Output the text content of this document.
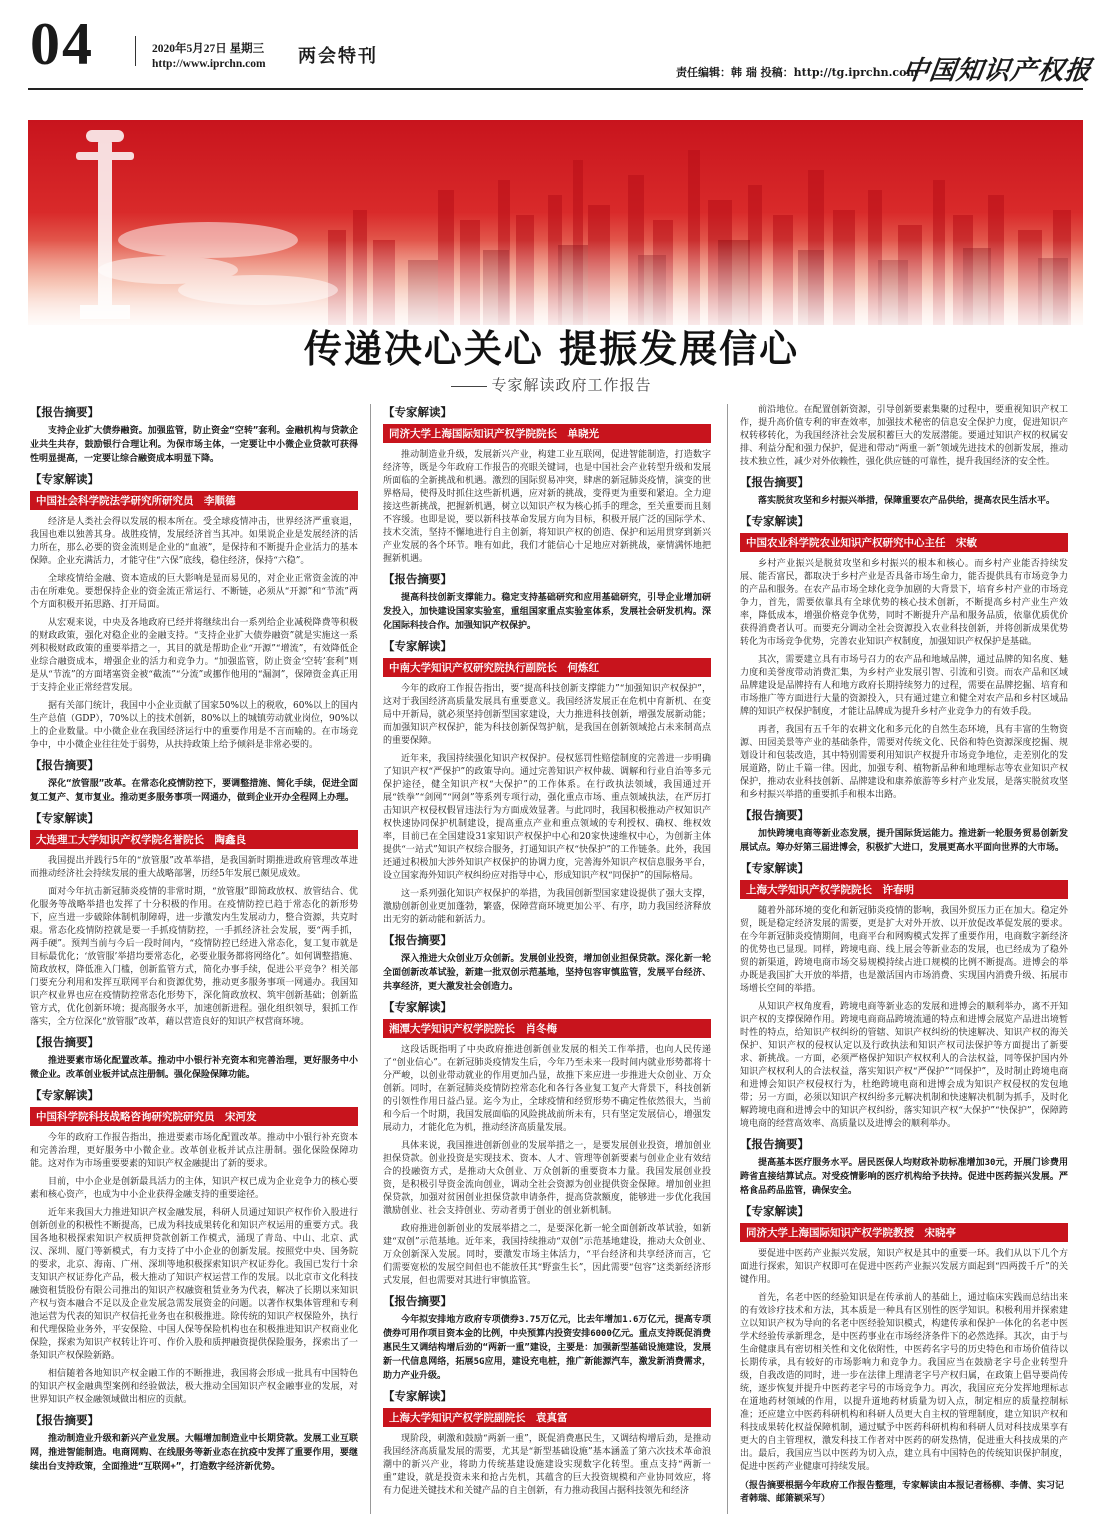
04	2020年5月27日 星期三
http://www.iprchn.com 两会特刊
责任编辑：韩 瑞 投稿：http://tg.iprchn.com
中国知识产权报
传递决心关心 提振发展信心
专家解读政府工作报告
【报告摘要】

支持企业扩大债券融资。加强监管，防止资金“空转”套利。金融机构与贷款企业共生共存，鼓励银行合理让利。为保市场主体，一定要让中小微企业贷款可获得性明显提高，一定要让综合融资成本明显下降。

【专家解读】
中国社会科学院法学研究所研究员　李顺德

经济是人类社会得以发展的根本所在。受全球疫情冲击，世界经济严重衰退，我国也难以独善其身。战胜疫情，发展经济首当其冲。如果说企业是发展经济的活力所在，那么必要的资金流则是企业的“血液”，是保持和不断提升企业活力的基本保障。企业充满活力，才能守住“六保”底线，稳住经济，保持“六稳”。

全球疫情给金融、资本造成的巨大影响是显而易见的，对企业正常资金流的冲击在所难免。要想保持企业的资金流正常运行、不断链，必须从“开源”和“节流”两个方面积极开拓思路、打开局面。

从宏观来说，中央及各地政府已经并将继续出台一系列给企业减税降费等积极的财政政策，强化对稳企业的金融支持。“支持企业扩大债券融资”就是实施这一系列积极财政政策的重要举措之一，其目的就是帮助企业“开源”“增流”，有效降低企业综合融资成本，增强企业的活力和竞争力。“加强监管，防止资金‘空转’套利”则是从“节流”的方面堵塞资金被“截流”“分流”或挪作他用的“漏洞”，保障资金真正用于支持企业正常经营发展。

据有关部门统计，我国中小企业贡献了国家50%以上的税收，60%以上的国内生产总值（GDP），70%以上的技术创新，80%以上的城镇劳动就业岗位，90%以上的企业数量。中小微企业在我国经济运行中的重要作用是不言而喻的。在市场竞争中，中小微企业往往处于弱势，从扶持政策上给予倾斜是非常必要的。

【报告摘要】

深化“放管服”改革。在常态化疫情防控下，要调整措施、简化手续，促进全面复工复产、复市复业。推动更多服务事项一网通办，做到企业开办全程网上办理。

【专家解读】
大连理工大学知识产权学院名誉院长　陶鑫良

我国提出并践行5年的“放管服”改革举措，是我国新时期推进政府管理改革进而推动经济社会持续发展的重大战略部署，历经5年发展已颇见成效。

面对今年抗击新冠肺炎疫情的非常时期，“放管服”即简政放权、放管结合、优化服务等战略举措也发挥了十分积极的作用。在疫情防控已趋于常态化的新形势下，应当进一步破除体制机制障碍，进一步激发内生发展动力，整合资源，共克时艰。常态化疫情防控就是要一手抓疫情防控，一手抓经济社会发展，要“两手抓，两手硬”。预判当前与今后一段时间内，“疫情防控已经进入常态化，复工复市就是目标最优化；‘放管服’举措均要常态化，必要业服务都将网络化”。如何调整措施、简政放权，降低准入门槛，创新监管方式，简化办事手续，促进公平竞争？相关部门要充分利用和发挥互联网平台和资源优势，推动更多服务事项一网通办。我国知识产权业界也应在疫情防控常态化形势下，深化简政放权、筑牢创新基础；创新监管方式，优化创新环境；提高服务水平，加速创新进程。强化组织领导，狠抓工作落实，全方位深化“放管服”改革，藉以营造良好的知识产权营商环境。

【报告摘要】

推进要素市场化配置改革。推动中小银行补充资本和完善治理，更好服务中小微企业。改革创业板并试点注册制。强化保险保障功能。

【专家解读】
中国科学院科技战略咨询研究院研究员　宋河发

今年的政府工作报告指出，推进要素市场化配置改革。推动中小银行补充资本和完善治理，更好服务中小微企业。改革创业板并试点注册制。强化保险保障功能。这对作为市场重要要素的知识产权金融提出了新的要求。

目前，中小企业是创新最具活力的主体，知识产权已成为企业竞争力的核心要素和核心资产，也成为中小企业获得金融支持的重要途径。

近年来我国大力推进知识产权金融发展，科研人员通过知识产权作价入股进行创新创业的积极性不断提高，已成为科技成果转化和知识产权运用的重要方式。我国各地积极探索知识产权质押贷款创新工作模式，涌现了青岛、中山、北京、武汉、深圳、厦门等新模式，有力支持了中小企业的创新发展。按照党中央、国务院的要求，北京、海南、广州、深圳等地积极探索知识产权证券化。我国已发行十余支知识产权证券化产品，极大推动了知识产权运营工作的发展。以北京市文化科技融资租赁股份有限公司推出的知识产权融资租赁业务为代表，解决了长期以来知识产权与资本融合不足以及企业发展急需发展资金的问题。以著作权集体管理和专利池运营为代表的知识产权信托业务也在积极推进。除传统的知识产权保险外，执行和代理保险业务外，平安保险、中国人保等保险机构也在积极推进知识产权商业化保险，探索为知识产权转让许可、作价入股和质押融资提供保险服务，探索出了一条知识产权保险新路。

相信随着各地知识产权金融工作的不断推进，我国将会形成一批具有中国特色的知识产权金融典型案例和经验做法，极大推动全国知识产权金融事业的发展，对世界知识产权金融领域做出相应的贡献。

【报告摘要】

推动制造业升级和新兴产业发展。大幅增加制造业中长期贷款。发展工业互联网，推进智能制造。电商网购、在线服务等新业态在抗疫中发挥了重要作用，要继续出台支持政策，全面推进“互联网+”，打造数字经济新优势。

【专家解读】
同济大学上海国际知识产权学院院长　单晓光

推动制造业升级，发展新兴产业，构建工业互联网，促进智能制造，打造数字经济等，既是今年政府工作报告的亮眼关键词，也是中国社会产业转型升级和发展所面临的全新挑战和机遇。激烈的国际贸易冲突，肆虐的新冠肺炎疫情，演变的世界格局，使得及时抓住这些新机遇，应对新的挑战，变得更为重要和紧迫。全力迎接这些新挑战，把握新机遇，树立以知识产权为核心抓手的理念，至关重要而且刻不容缓。也即是说，要以新科技革命发展方向为目标，积极开展广泛的国际学术、技术交流，坚持不懈地进行自主创新，将知识产权的创造、保护和运用贯穿到新兴产业发展的各个环节。唯有如此，我们才能信心十足地应对新挑战，豪情满怀地把握新机遇。

【报告摘要】

提高科技创新支撑能力。稳定支持基础研究和应用基础研究，引导企业增加研发投入，加快建设国家实验室，重组国家重点实验室体系，发展社会研发机构。深化国际科技合作。加强知识产权保护。

【专家解读】
中南大学知识产权研究院执行副院长　何炼红

今年的政府工作报告指出，要“提高科技创新支撑能力”“加强知识产权保护”，这对于我国经济高质量发展具有重要意义。我国经济发展正在危机中育新机、在变局中开新局，就必须坚持创新型国家建设，大力推进科技创新，增强发展新动能；而加强知识产权保护，能为科技创新保驾护航，是我国在创新领域抢占未来制高点的重要保障。

近年来，我国持续强化知识产权保护。侵权惩罚性赔偿制度的完善进一步明确了知识产权“严保护”的政策导向。通过完善知识产权仲裁、调解和行业自治等多元保护途径，健全知识产权“大保护”的工作体系。在行政执法领域，我国通过开展“铁拳”“剑网”“网剑”等系列专项行动，强化重点市场、重点领域执法，在严厉打击知识产权侵权假冒违法行为方面成效显著。与此同时，我国积极推动产权知识产权快速协同保护机制建设，提高重点产业和重点领域的专利授权、确权、维权效率，目前已在全国建设31家知识产权保护中心和20家快速维权中心，为创新主体提供“一站式”知识产权综合服务，打通知识产权“快保护”的工作链条。此外，我国还通过积极加大涉外知识产权保护的协调力度，完善海外知识产权信息服务平台，设立国家海外知识产权纠纷应对指导中心，形成知识产权“同保护”的国际格局。

这一系列强化知识产权保护的举措，为我国创新型国家建设提供了强大支撑，激励创新创业更加蓬勃，繁盛，保障营商环境更加公平、有序，助力我国经济释放出无穷的新动能和新活力。

【报告摘要】

深入推进大众创业万众创新。发展创业投资，增加创业担保贷款。深化新一轮全面创新改革试验，新建一批双创示范基地，坚持包容审慎监管，发展平台经济、共享经济，更大激发社会创造力。

【专家解读】
湘潭大学知识产权学院院长　肖冬梅

这段话既指明了中央政府推进创新创业发展的相关工作举措，也向人民传递了“创业信心”。在新冠肺炎疫情发生后，今年乃至未来一段时间内就业形势都将十分严峻，以创业带动就业的作用更加凸显，故推下来应进一步推进大众创业、万众创新。同时，在新冠肺炎疫情防控常态化和各行各业复工复产大背景下，科技创新的引领性作用日益凸显。迄今为止，全球疫情和经贸形势不确定性依然很大，当前和今后一个时期，我国发展面临的风险挑战前所未有，只有坚定发展信心，增强发展动力，才能化危为机，推动经济高质量发展。

具体来说，我国推进创新创业的发展举措之一，是要发展创业投资，增加创业担保贷款。创业投资是实现技术、资本、人才、管理等创新要素与创业企业有效结合的投融资方式，是推动大众创业、万众创新的重要资本力量。我国发展创业投资，是积极引导资金流向创业，调动全社会资源为创业提供资金保障。增加创业担保贷款，加强对贫困创业担保贷款申请条件，提高贷款额度，能够进一步优化我国激励创业、社会支持创业、劳动者勇于创业的创业新机制。

政府推进创新创业的发展举措之二，是要深化新一轮全面创新改革试验，如新建“双创”示范基地。近年来，我国持续推动“双创”示范基地建设，推动大众创业、万众创新深入发展。同时，要激发市场主体活力，“平台经济和共享经济而言，它们需要宽松的发展空间但也不能放任其“野蛮生长”，因此需要“包容”这类新经济形式发展，但也需要对其进行审慎监管。

【报告摘要】

今年拟安排地方政府专项债券3.75万亿元，比去年增加1.6万亿元，提高专项债券可用作项目资本金的比例，中央预算内投资安排6000亿元。重点支持既促消费惠民生又调结构增后劲的“两新一重”建设，主要是：加强新型基础设施建设，发展新一代信息网络，拓展5G应用，建设充电桩，推广新能源汽车，激发新消费需求，助力产业升级。

【专家解读】
上海大学知识产权学院副院长　袁真富

现阶段，刺激和鼓励“两新一重”，既促消费惠民生，又调结构增后劲，是推动我国经济高质量发展的需要，尤其是“新型基础设施”基本涵盖了第六次技术革命浪潮中的新兴产业，将助力传统基建设施建设实现数字化转型。重点支持“两新一重”建设，就是投资未来和抢占先机，其蕴含的巨大投资规模和产业协同效应，将有力促进关键技术和关键产品的自主创新，有力推动我国占据科技领先和经济

前沿地位。在配置创新资源，引导创新要素集聚的过程中，要重视知识产权工作，提升高价值专利的审查效率，加强技术秘密的信息安全保护力度，促进知识产权转移转化，为我国经济社会发展积蓄巨大的发展潜能。要通过知识产权的权属安排、利益分配和强力保护，促进和带动“两重一新”领域先进技术的创新发展，推动技术独立性，减少对外依赖性，强化供应链的可靠性，提升我国经济的安全性。

【报告摘要】

落实脱贫攻坚和乡村振兴举措，保障重要农产品供给，提高农民生活水平。

【专家解读】
中国农业科学院农业知识产权研究中心主任　宋敏

乡村产业振兴是脱贫攻坚和乡村振兴的根本和核心。而乡村产业能否持续发展、能否富民，都取决于乡村产业是否具备市场生命力，能否提供具有市场竞争力的产品和服务。在农产品市场全球化竞争加剧的大背景下，培育乡村产业的市场竞争力，首先，需要依靠具有全球优势的核心技术创新，不断提高乡村产业生产效率，降低成本，增强价格竞争优势，同时不断提升产品和服务品质，依靠优质优价获得消费者认可。而要充分调动全社会资源投入农业科技创新，并将创新成果优势转化为市场竞争优势，完善农业知识产权制度，加强知识产权保护是基础。

其次，需要建立具有市场号召力的农产品和地域品牌，通过品牌的知名度、魅力度和美誉度带动消费汇集，为乡村产业发展引智、引流和引资。而农产品和区域品牌建设是品牌持有人和地方政府长期持续努力的过程，需要在品牌挖掘、培育和市场推广等方面进行大量的资源投入，只有通过建立和健全对农产品和乡村区域品牌的知识产权保护制度，才能让品牌成为提升乡村产业竞争力的有效手段。

再者，我国有五千年的农耕文化和多元化的自然生态环境，具有丰富的生物资源、田园美景等产业的基础条件，需要对传统文化、民俗和特色资源深度挖掘、规划设计和包装改造，其中特别需要利用知识产权提升市场竞争地位，走差别化的发展道路，防止千篇一律。因此，加强专利、植物新品种和地理标志等农业知识产权保护，推动农业科技创新、品牌建设和康养旅游等乡村产业发展，是落实脱贫攻坚和乡村振兴举措的重要抓手和根本出路。

【报告摘要】

加快跨境电商等新业态发展，提升国际货运能力。推进新一轮服务贸易创新发展试点。筹办好第三届进博会，积极扩大进口，发展更高水平面向世界的大市场。

【专家解读】
上海大学知识产权学院院长　许春明

随着外部环境的变化和新冠肺炎疫情的影响，我国外贸压力正在加大。稳定外贸，既是稳定经济发展的需要，更是扩大对外开放、以开放促改革促发展的要求。在今年新冠肺炎疫情期间，电商平台和网购模式发挥了重要作用，电商数字新经济的优势也已显现。同样，跨境电商、线上展会等新业态的发展，也已经成为了稳外贸的新渠道，跨境电商市场交易规模持续占进口规模的比例不断提高。进博会的举办既是我国扩大开放的举措，也是激活国内市场消费、实现国内消费升级、拓展市场增长空间的举措。

从知识产权角度看，跨境电商等新业态的发展和进博会的顺利举办，离不开知识产权的支撑保障作用。跨境电商商品跨境流通的特点和进博会展览产品进出境暂时性的特点，给知识产权纠纷的管辖、知识产权纠纷的快速解决、知识产权的海关保护、知识产权的侵权认定以及行政执法和知识产权司法保护等方面提出了新要求、新挑战。一方面，必须严格保护知识产权权利人的合法权益，同等保护国内外知识产权权利人的合法权益，落实知识产权“严保护”“同保护”，及时制止跨境电商和进博会知识产权侵权行为，杜绝跨境电商和进博会成为知识产权侵权的发包地带；另一方面，必须以知识产权纠纷多元解决机制和快速解决机制为抓手，及时化解跨境电商和进博会中的知识产权纠纷，落实知识产权“大保护”“快保护”，保障跨境电商的经营高效率、高质量以及进博会的顺利举办。

【报告摘要】

提高基本医疗服务水平。居民医保人均财政补助标准增加30元，开展门诊费用跨省直接结算试点。对受疫情影响的医疗机构给予扶持。促进中医药振兴发展。严格食品药品监管，确保安全。

【专家解读】
同济大学上海国际知识产权学院教授　宋晓亭

要促进中医药产业振兴发展，知识产权是其中的重要一环。我们从以下几个方面进行探索，知识产权即可在促进中医药产业振兴发展方面起到“四两拨千斤”的关键作用。

首先，名老中医的经验知识是在传承前人的基础上，通过临床实践而总结出来的有效诊疗技术和方法，其本质是一种具有区别性的医学知识。积极利用并探索建立以知识产权为导向的名老中医经验知识模式，构建传承和保护一体化的名老中医学术经验传承新理念，是中医药事业在市场经济条件下的必然选择。其次，由于与生命健康具有密切相关性和文化依附性，中医药名字号的历史特色和市场价值待以长期传承，具有较好的市场影响力和竞争力。我国应当在鼓励老字号企业转型升级，自我改造的同时，进一步在法律上理清老字号产权归属，在政策上倡导要尚传统，逐步恢复并提升中医药老字号的市场竞争力。再次，我国应充分发挥地理标志在道地药材领域的作用，以提升道地药材质量为切入点，制定相应的质量控制标准；还应建立中医药科研机构和科研人员更大自主权的管理制度，建立知识产权和科技成果转化权益保障机制，通过赋予中医药科研机构和科研人员对科技成果享有更大的自主管理权，激发科技工作者对中医药的研发热情，促进重大科技成果的产出。最后，我国应当以中医药为切入点，建立具有中国特色的传统知识保护制度，促进中医药产业健康可持续发展。

（报告摘要根据今年政府工作报告整理，专家解读由本报记者杨柳、李倩、实习记者韩瑞、邮箫颖采写）
